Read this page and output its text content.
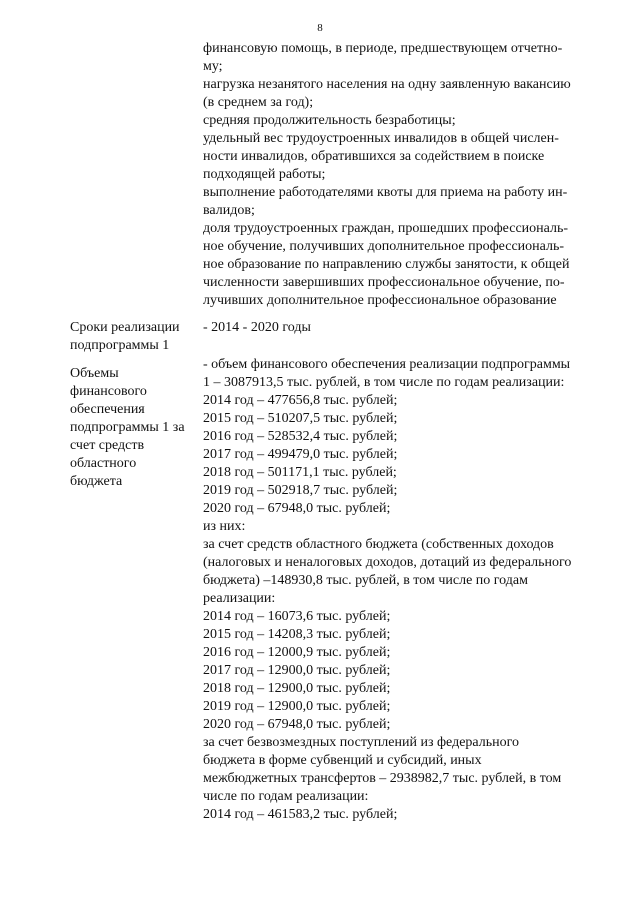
8
финансовую помощь, в периоде, предшествующем отчетно-
му;
нагрузка незанятого населения на одну заявленную вакансию
(в среднем за год);
средняя продолжительность безработицы;
удельный вес трудоустроенных инвалидов в общей числен-
ности инвалидов, обратившихся за содействием в поиске
подходящей работы;
выполнение работодателями квоты для приема на работу ин-
валидов;
доля трудоустроенных граждан, прошедших профессиональ-
ное обучение, получивших дополнительное профессиональ-
ное образование по направлению службы занятости, к общей
численности завершивших профессиональное обучение, по-
лучивших дополнительное профессиональное образование
Сроки реализации
подпрограммы 1
- 2014 - 2020 годы
Объемы
финансового
обеспечения
подпрограммы 1 за
счет средств
областного
бюджета
- объем финансового обеспечения реализации подпрограммы
1 – 3087913,5 тыс. рублей, в том числе по годам реализации:
2014 год – 477656,8 тыс. рублей;
2015 год – 510207,5 тыс. рублей;
2016 год – 528532,4 тыс. рублей;
2017 год – 499479,0 тыс. рублей;
2018 год – 501171,1 тыс. рублей;
2019 год – 502918,7 тыс. рублей;
2020 год – 67948,0 тыс. рублей;
из них:
за счет средств областного бюджета (собственных доходов
(налоговых и неналоговых доходов, дотаций из федерального
бюджета) –148930,8 тыс. рублей, в том числе по годам
реализации:
2014 год – 16073,6 тыс. рублей;
2015 год – 14208,3 тыс. рублей;
2016 год – 12000,9 тыс. рублей;
2017 год – 12900,0 тыс. рублей;
2018 год – 12900,0 тыс. рублей;
2019 год – 12900,0 тыс. рублей;
2020 год – 67948,0 тыс. рублей;
за счет безвозмездных поступлений из федерального
бюджета в форме субвенций и субсидий, иных
межбюджетных трансфертов – 2938982,7 тыс. рублей, в том
числе по годам реализации:
2014 год – 461583,2 тыс. рублей;
